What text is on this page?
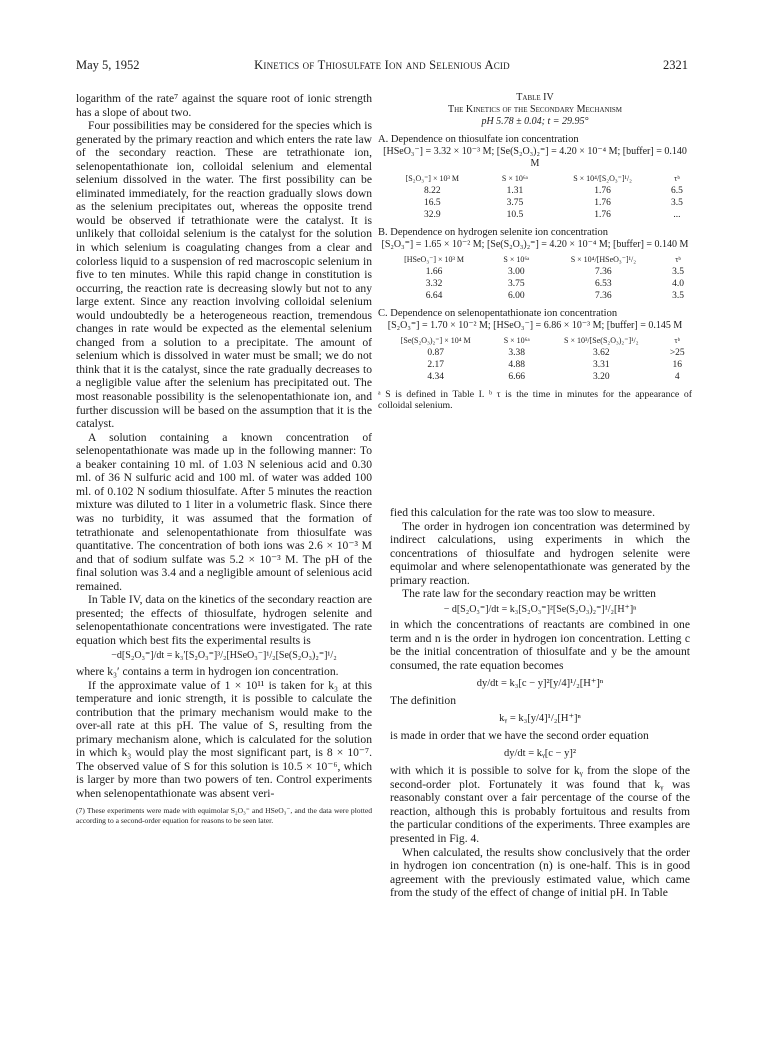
May 5, 1952	Kinetics of Thiosulfate Ion and Selenious Acid	2321

logarithm of the rate⁷ against the square root of ionic strength has a slope of about two.

Four possibilities may be considered for the species which is generated by the primary reaction and which enters the rate law of the secondary reaction. These are tetrathionate ion, selenopentathionate ion, colloidal selenium and elemental selenium dissolved in the water. The first possibility can be eliminated immediately, for the reaction gradually slows down as the selenium precipitates out, whereas the opposite trend would be observed if tetrathionate were the catalyst. It is unlikely that colloidal selenium is the catalyst for the solution in which selenium is coagulating changes from a clear and colorless liquid to a suspension of red macroscopic selenium in five to ten minutes. While this rapid change in constitution is occurring, the reaction rate is decreasing slowly but not to any large extent. Since any reaction involving colloidal selenium would undoubtedly be a heterogeneous reaction, tremendous changes in rate would be expected as the elemental selenium changed from a solution to a precipitate. The amount of selenium which is dissolved in water must be small; we do not think that it is the catalyst, since the rate gradually decreases to a negligible value after the selenium has precipitated out. The most reasonable possibility is the selenopentathionate ion, and further discussion will be based on the assumption that it is the catalyst.

A solution containing a known concentration of selenopentathionate was made up in the following manner: To a beaker containing 10 ml. of 1.03 N selenious acid and 0.30 ml. of 36 N sulfuric acid and 100 ml. of water was added 100 ml. of 0.102 N sodium thiosulfate. After 5 minutes the reaction mixture was diluted to 1 liter in a volumetric flask. Since there was no turbidity, it was assumed that the formation of tetrathionate and selenopentathionate from thiosulfate was quantitative. The concentration of both ions was 2.6 × 10⁻³ M and that of sodium sulfate was 5.2 × 10⁻³ M. The pH of the final solution was 3.4 and a negligible amount of selenious acid remained.

In Table IV, data on the kinetics of the secondary reaction are presented; the effects of thiosulfate, hydrogen selenite and selenopentathionate concentrations were investigated. The rate equation which best fits the experimental results is

−d[S₂O₃⁼]/dt = k₃′[S₂O₃⁼]³/₂[HSeO₃⁻]¹/₂[Se(S₂O₃)₂⁼]¹/₂

where k₃′ contains a term in hydrogen ion concentration.

If the approximate value of 1 × 10¹¹ is taken for k₃ at this temperature and ionic strength, it is possible to calculate the contribution that the primary mechanism would make to the over-all rate at this pH. The value of S, resulting from the primary mechanism alone, which is calculated for the solution in which k₃ would play the most significant part, is 8 × 10⁻⁷. The observed value of S for this solution is 10.5 × 10⁻⁶, which is larger by more than two powers of ten. Control experiments when selenopentathionate was absent veri-

(7) These experiments were made with equimolar S₂O₃⁼ and HSeO₃⁻, and the data were plotted according to a second-order equation for reasons to be seen later.
Table IV
The Kinetics of the Secondary Mechanism
pH 5.78 ± 0.04; t = 29.95°
A. Dependence on thiosulfate ion concentration
[HSeO₃⁻] = 3.32 × 10⁻³ M; [Se(S₂O₃)₂⁼] = 4.20 × 10⁻⁴ M; [buffer] = 0.140 M
[S₂O₃⁼] × 10³ M	S × 10⁶ᵃ	S × 10⁴/[S₂O₃⁼]¹/₂	τᵇ
8.22	1.31	1.76	6.5
16.5	3.75	1.76	3.5
32.9	10.5	1.76	...
B. Dependence on hydrogen selenite ion concentration
[S₂O₃⁼] = 1.65 × 10⁻² M; [Se(S₂O₃)₂⁼] = 4.20 × 10⁻⁴ M; [buffer] = 0.140 M
[HSeO₃⁻] × 10³ M	S × 10⁶ᵃ	S × 10⁴/[HSeO₃⁻]¹/₂	τᵇ
1.66	3.00	7.36	3.5
3.32	3.75	6.53	4.0
6.64	6.00	7.36	3.5
C. Dependence on selenopentathionate ion concentration
[S₂O₃⁼] = 1.70 × 10⁻² M; [HSeO₃⁻] = 6.86 × 10⁻³ M; [buffer] = 0.145 M
[Se(S₂O₃)₂⁼] × 10⁴ M	S × 10⁶ᵃ	S × 10³/[Se(S₂O₃)₂⁼]¹/₂	τᵇ
0.87	3.38	3.62	>25
2.17	4.88	3.31	16
4.34	6.66	3.20	4
ᵃ S is defined in Table I. ᵇ τ is the time in minutes for the appearance of colloidal selenium.

fied this calculation for the rate was too slow to measure.

The order in hydrogen ion concentration was determined by indirect calculations, using experiments in which the concentrations of thiosulfate and hydrogen selenite were equimolar and where selenopentathionate was generated by the primary reaction.

The rate law for the secondary reaction may be written

− d[S₂O₃⁼]/dt = k₃[S₂O₃⁼]²[Se(S₂O₃)₂⁼]¹/₂[H⁺]ⁿ

in which the concentrations of reactants are combined in one term and n is the order in hydrogen ion concentration. Letting c be the initial concentration of thiosulfate and y be the amount consumed, the rate equation becomes

dy/dt = k₃[c − y]²[y/4]¹/₂[H⁺]ⁿ

The definition

kᵧ = k₃[y/4]¹/₂[H⁺]ⁿ

is made in order that we have the second order equation

dy/dt = kᵧ[c − y]²

with which it is possible to solve for kᵧ from the slope of the second-order plot. Fortunately it was found that kᵧ was reasonably constant over a fair percentage of the course of the reaction, although this is probably fortuitous and results from the particular conditions of the experiments. Three examples are presented in Fig. 4.

When calculated, the results show conclusively that the order in hydrogen ion concentration (n) is one-half. This is in good agreement with the previously estimated value, which came from the study of the effect of change of initial pH. In Table
